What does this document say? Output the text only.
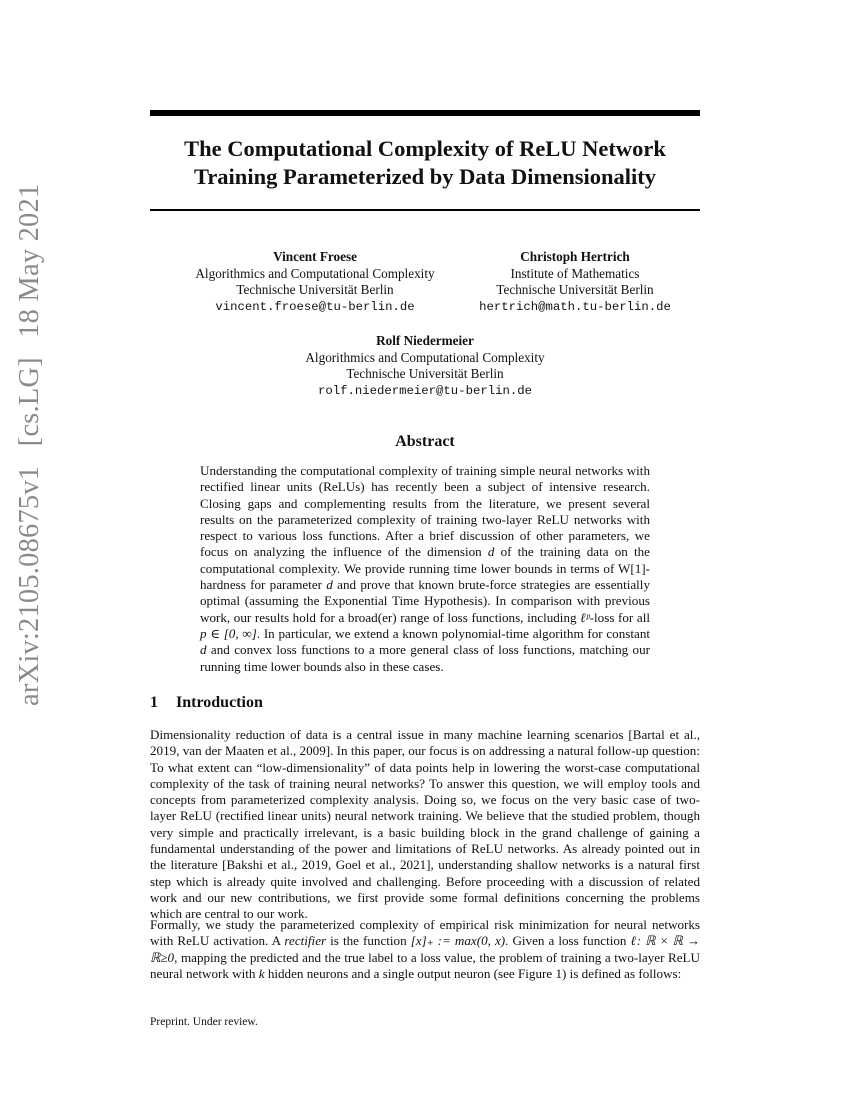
arXiv:2105.08675v1 [cs.LG] 18 May 2021
The Computational Complexity of ReLU Network
Training Parameterized by Data Dimensionality
Vincent Froese
Algorithmics and Computational Complexity
Technische Universität Berlin
vincent.froese@tu-berlin.de
Christoph Hertrich
Institute of Mathematics
Technische Universität Berlin
hertrich@math.tu-berlin.de
Rolf Niedermeier
Algorithmics and Computational Complexity
Technische Universität Berlin
rolf.niedermeier@tu-berlin.de
Abstract
Understanding the computational complexity of training simple neural networks with rectified linear units (ReLUs) has recently been a subject of intensive research. Closing gaps and complementing results from the literature, we present several results on the parameterized complexity of training two-layer ReLU networks with respect to various loss functions. After a brief discussion of other parameters, we focus on analyzing the influence of the dimension d of the training data on the computational complexity. We provide running time lower bounds in terms of W[1]-hardness for parameter d and prove that known brute-force strategies are essentially optimal (assuming the Exponential Time Hypothesis). In comparison with previous work, our results hold for a broad(er) range of loss functions, including ℓᵖ-loss for all p ∈ [0, ∞]. In particular, we extend a known polynomial-time algorithm for constant d and convex loss functions to a more general class of loss functions, matching our running time lower bounds also in these cases.
1 Introduction
Dimensionality reduction of data is a central issue in many machine learning scenarios [Bartal et al., 2019, van der Maaten et al., 2009]. In this paper, our focus is on addressing a natural follow-up question: To what extent can “low-dimensionality” of data points help in lowering the worst-case computational complexity of the task of training neural networks? To answer this question, we will employ tools and concepts from parameterized complexity analysis. Doing so, we focus on the very basic case of two-layer ReLU (rectified linear units) neural network training. We believe that the studied problem, though very simple and practically irrelevant, is a basic building block in the grand challenge of gaining a fundamental understanding of the power and limitations of ReLU networks. As already pointed out in the literature [Bakshi et al., 2019, Goel et al., 2021], understanding shallow networks is a natural first step which is already quite involved and challenging. Before proceeding with a discussion of related work and our new contributions, we first provide some formal definitions concerning the problems which are central to our work.
Formally, we study the parameterized complexity of empirical risk minimization for neural networks with ReLU activation. A rectifier is the function [x]₊ := max(0, x). Given a loss function ℓ: ℝ × ℝ → ℝ≥0, mapping the predicted and the true label to a loss value, the problem of training a two-layer ReLU neural network with k hidden neurons and a single output neuron (see Figure 1) is defined as follows:
Preprint. Under review.
